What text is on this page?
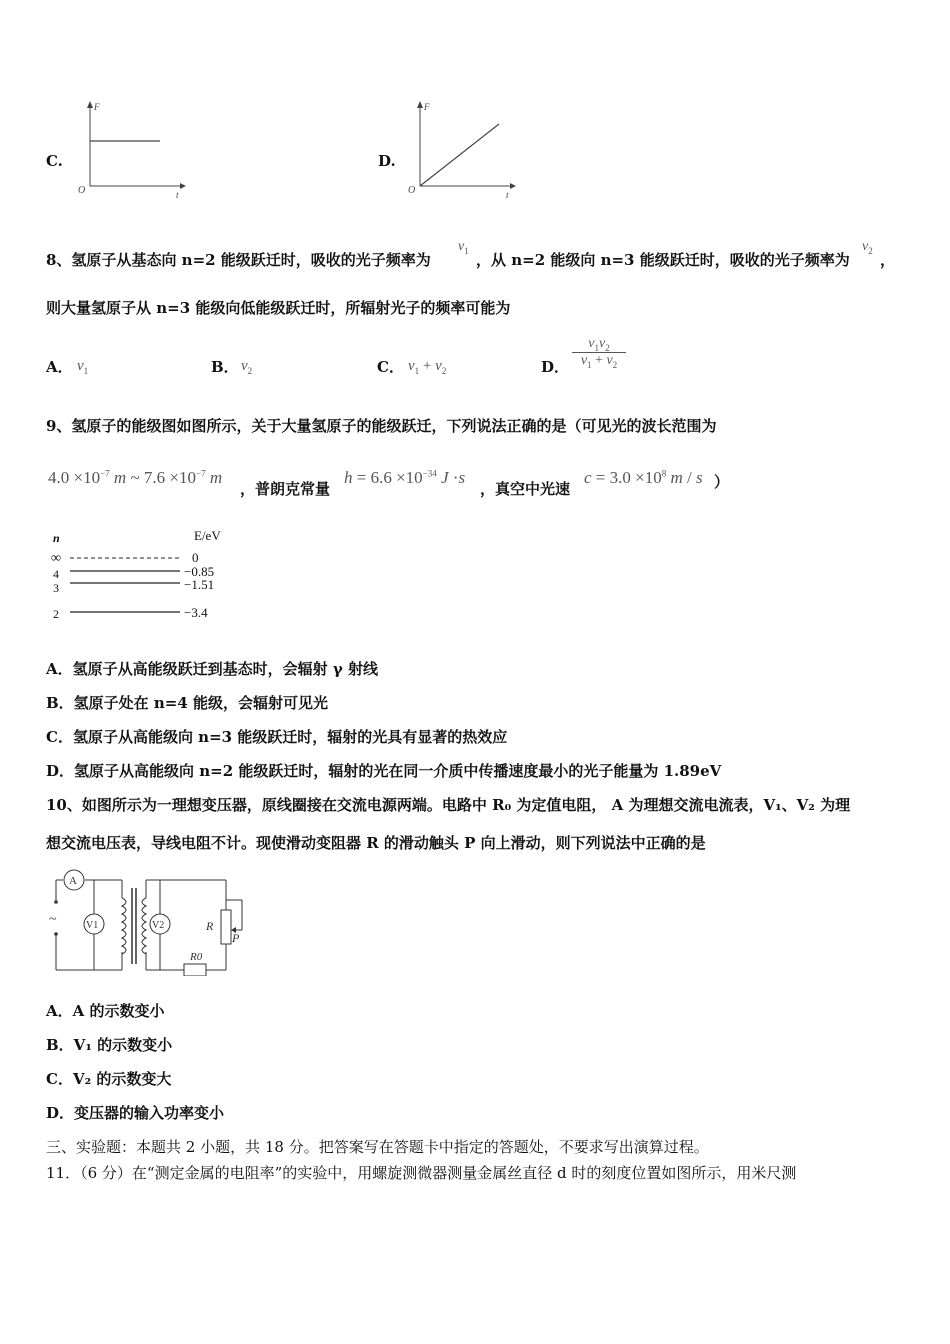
C.
F
t
O
D.
F
t
O
8、氢原子从基态向 n=2 能级跃迁时，吸收的光子频率为
$\nu_1$
，从 n=2 能级向 n=3 能级跃迁时，吸收的光子频率为
$\nu_2$
，
则大量氢原子从 n=3 能级向低能级跃迁时，所辐射光子的频率可能为
A． $\nu_1$	B． $\nu_2$	C． $\nu_1 + \nu_2$	D．
$\nu_1\nu_2$
$\nu_1 + \nu_2$
9、氢原子的能级图如图所示，关于大量氢原子的能级跃迁，下列说法正确的是（可见光的波长范围为
$4.0 \times 10^{-7}$ m ~ $7.6 \times 10^{-7}$ m
，普朗克常量
$h = 6.6 \times 10^{-34}$ J ·s
，真空中光速
$c = 3.0 \times 10^8$ m / s ）
n	E/eV
∞	0
4	−0.85
3	−1.51
2	−3.4
A．氢原子从高能级跃迁到基态时，会辐射 γ 射线
B．氢原子处在 n=4 能级，会辐射可见光
C．氢原子从高能级向 n=3 能级跃迁时，辐射的光具有显著的热效应
D．氢原子从高能级向 n=2 能级跃迁时，辐射的光在同一介质中传播速度最小的光子能量为 1.89eV
10、如图所示为一理想变压器，原线圈接在交流电源两端。电路中 R₀ 为定值电阻， A 为理想交流电流表，V₁、V₂ 为理
想交流电压表，导线电阻不计。现使滑动变阻器 R 的滑动触头 P 向上滑动，则下列说法中正确的是
~
A
V1	V2	R
P
R0
A．A 的示数变小
B．V₁ 的示数变小
C．V₂ 的示数变大
D．变压器的输入功率变小
三、实验题：本题共 2 小题，共 18 分。把答案写在答题卡中指定的答题处，不要求写出演算过程。
11．（6 分）在“测定金属的电阻率”的实验中，用螺旋测微器测量金属丝直径 d 时的刻度位置如图所示，用米尺测
